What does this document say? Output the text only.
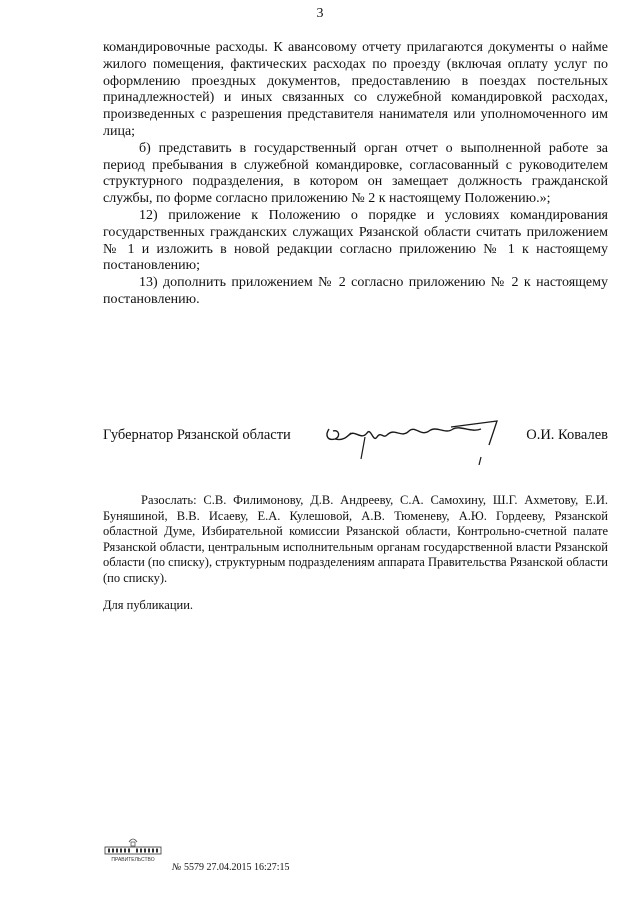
3

командировочные расходы. К авансовому отчету прилагаются документы о найме жилого помещения, фактических расходах по проезду (включая оплату услуг по оформлению проездных документов, предоставлению в поездах постельных принадлежностей) и иных связанных со служебной командировкой расходах, произведенных с разрешения представителя нанимателя или уполномоченного им лица;

б) представить в государственный орган отчет о выполненной работе за период пребывания в служебной командировке, согласованный с руководителем структурного подразделения, в котором он замещает должность гражданской службы, по форме согласно приложению № 2 к настоящему Положению.»;

12) приложение к Положению о порядке и условиях командирования государственных гражданских служащих Рязанской области считать приложением № 1 и изложить в новой редакции согласно приложению № 1 к настоящему постановлению;

13) дополнить приложением № 2 согласно приложению № 2 к настоящему постановлению.

Губернатор Рязанской области	О.И. Ковалев

Разослать: С.В. Филимонову, Д.В. Андрееву, С.А. Самохину, Ш.Г. Ахметову, Е.И. Буняшиной, В.В. Исаеву, Е.А. Кулешовой, А.В. Тюменеву, А.Ю. Гордееву, Рязанской областной Думе, Избирательной комиссии Рязанской области, Контрольно-счетной палате Рязанской области, центральным исполнительным органам государственной власти Рязанской области (по списку), структурным подразделениям аппарата Правительства Рязанской области (по списку).

Для публикации.

ПРАВИТЕЛЬСТВО
№ 5579 27.04.2015 16:27:15
